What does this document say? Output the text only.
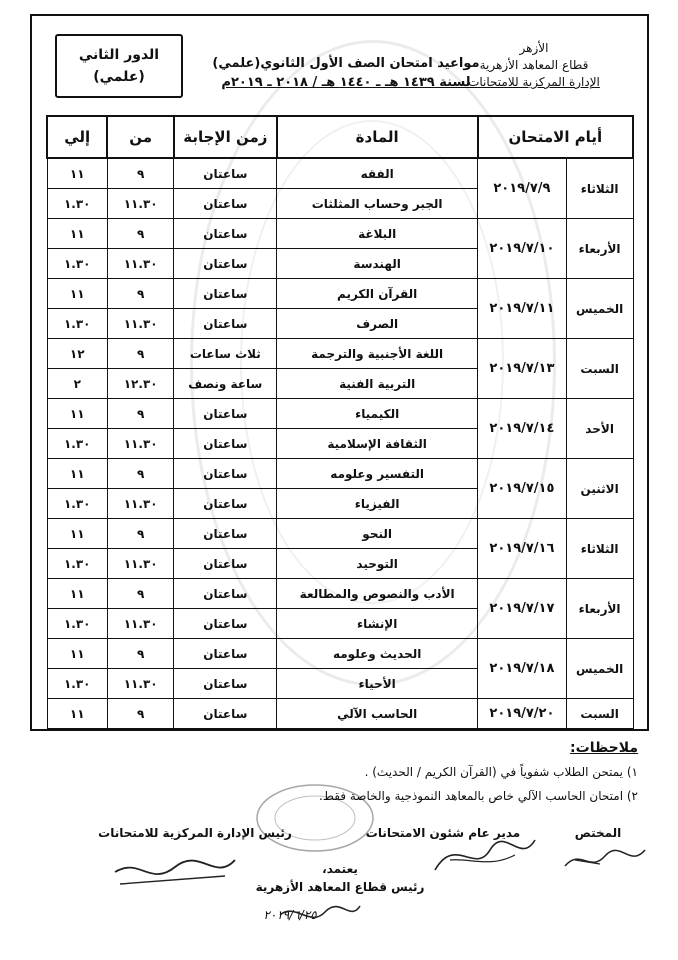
الأزهر
قطاع المعاهد الأزهرية
الإدارة المركزية للامتحانات
مواعيد امتحان الصف الأول الثانوي(علمي)
لسنة ١٤٣٩ هـ ـ ١٤٤٠ هـ / ٢٠١٨ ـ ٢٠١٩م
الدور الثاني
(علمي)
أيام الامتحان		المادة	زمن الإجابة	من	إلي
الثلاثاء	٢٠١٩/٧/٩	الفقه	ساعتان	٩	١١
		الجبر وحساب المثلثات	ساعتان	١١.٣٠	١.٣٠
الأربعاء	٢٠١٩/٧/١٠	البلاغة	ساعتان	٩	١١
		الهندسة	ساعتان	١١.٣٠	١.٣٠
الخميس	٢٠١٩/٧/١١	القرآن الكريم	ساعتان	٩	١١
		الصرف	ساعتان	١١.٣٠	١.٣٠
السبت	٢٠١٩/٧/١٣	اللغة الأجنبية والترجمة	ثلاث ساعات	٩	١٢
		التربية الفنية	ساعة ونصف	١٢.٣٠	٢
الأحد	٢٠١٩/٧/١٤	الكيمياء	ساعتان	٩	١١
		الثقافة الإسلامية	ساعتان	١١.٣٠	١.٣٠
الاثنين	٢٠١٩/٧/١٥	التفسير وعلومه	ساعتان	٩	١١
		الفيزياء	ساعتان	١١.٣٠	١.٣٠
الثلاثاء	٢٠١٩/٧/١٦	النحو	ساعتان	٩	١١
		التوحيد	ساعتان	١١.٣٠	١.٣٠
الأربعاء	٢٠١٩/٧/١٧	الأدب والنصوص والمطالعة	ساعتان	٩	١١
		الإنشاء	ساعتان	١١.٣٠	١.٣٠
الخميس	٢٠١٩/٧/١٨	الحديث وعلومه	ساعتان	٩	١١
		الأحياء	ساعتان	١١.٣٠	١.٣٠
السبت	٢٠١٩/٧/٢٠	الحاسب الآلي	ساعتان	٩	١١
ملاحظات:
١) يمتحن الطلاب شفوياً في (القرآن الكريم / الحديث) .
٢) امتحان الحاسب الآلي خاص بالمعاهد النموذجية والخاصة فقط.
المختص
مدير عام شئون الامتحانات
رئيس الإدارة المركزية للامتحانات
يعتمد،
رئيس قطاع المعاهد الأزهرية
٢٠١٩/٦/٢٥
